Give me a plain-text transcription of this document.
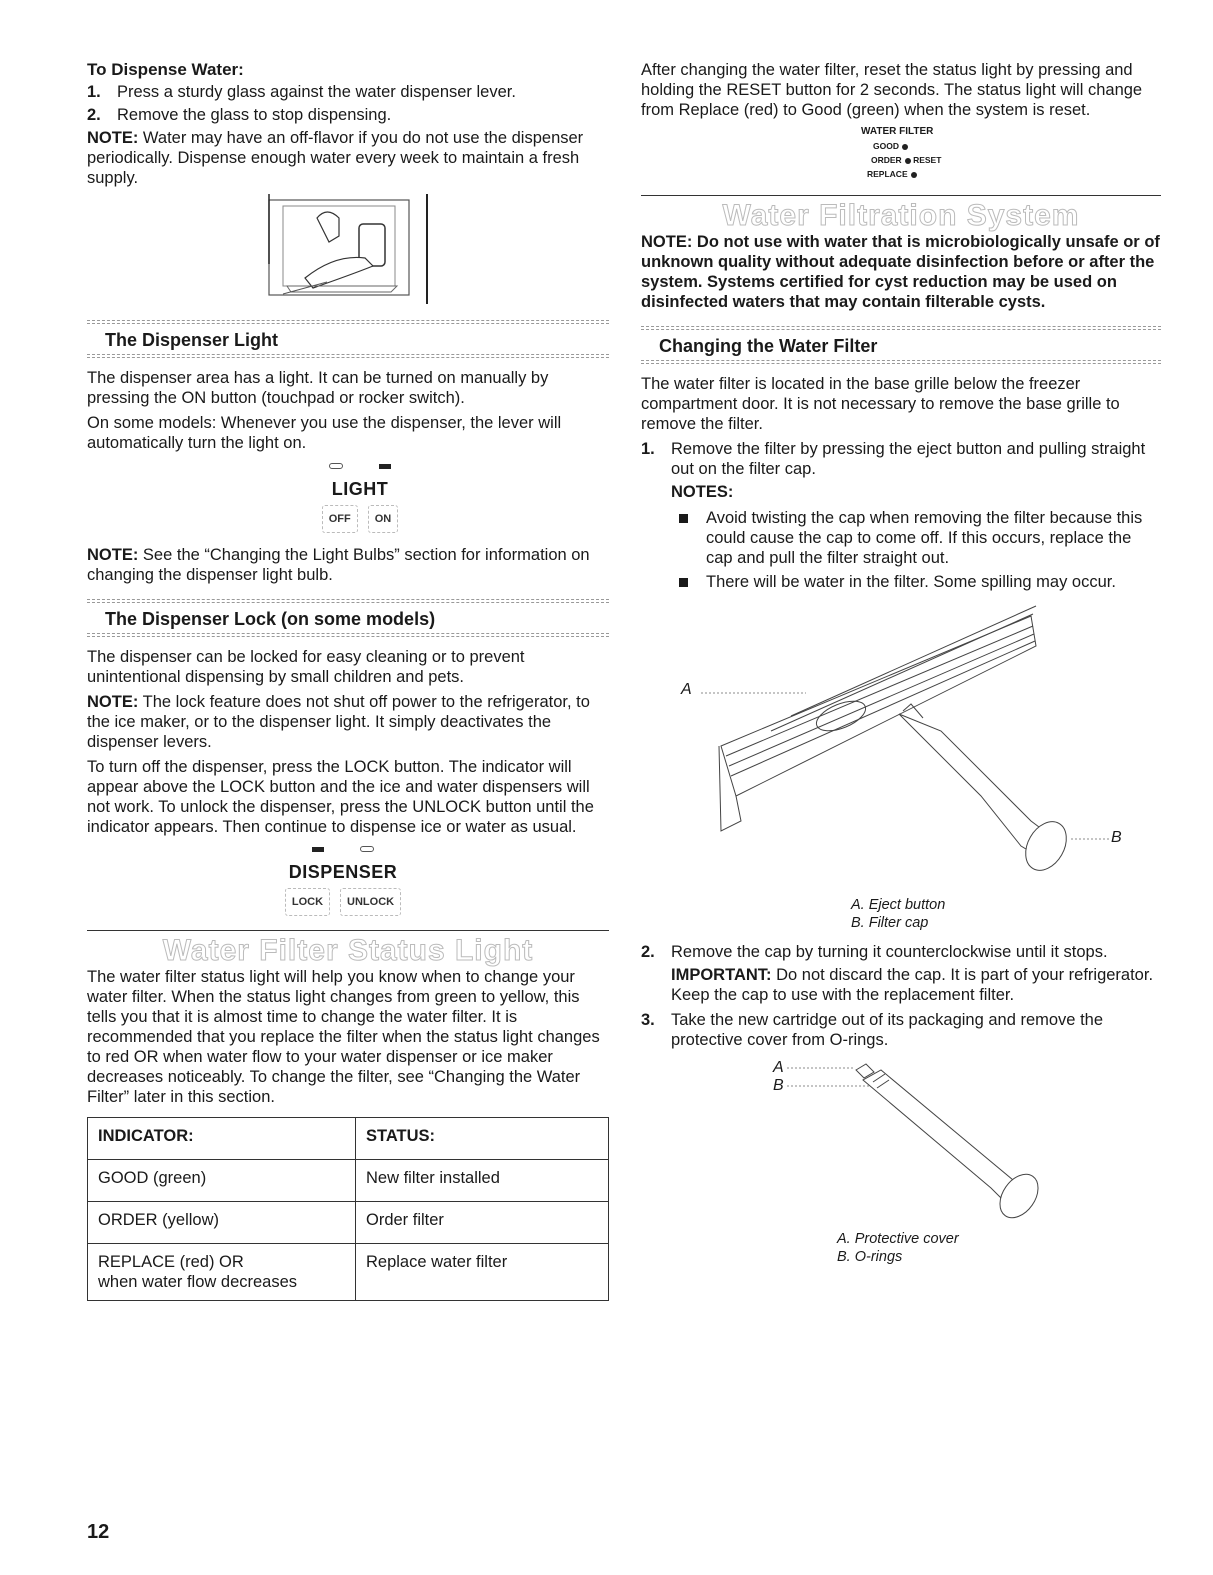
To Dispense Water:
1. Press a sturdy glass against the water dispenser lever.
2. Remove the glass to stop dispensing.

NOTE: Water may have an off-flavor if you do not use the dispenser periodically. Dispense enough water every week to maintain a fresh supply.

The Dispenser Light

The dispenser area has a light. It can be turned on manually by pressing the ON button (touchpad or rocker switch).

On some models: Whenever you use the dispenser, the lever will automatically turn the light on.

LIGHT
OFF	ON

NOTE: See the “Changing the Light Bulbs” section for information on changing the dispenser light bulb.

The Dispenser Lock (on some models)

The dispenser can be locked for easy cleaning or to prevent unintentional dispensing by small children and pets.

NOTE: The lock feature does not shut off power to the refrigerator, to the ice maker, or to the dispenser light. It simply deactivates the dispenser levers.

To turn off the dispenser, press the LOCK button. The indicator will appear above the LOCK button and the ice and water dispensers will not work. To unlock the dispenser, press the UNLOCK button until the indicator appears. Then continue to dispense ice or water as usual.

DISPENSER
LOCK	UNLOCK
Water Filter Status Light

The water filter status light will help you know when to change your water filter. When the status light changes from green to yellow, this tells you that it is almost time to change the water filter. It is recommended that you replace the filter when the status light changes to red OR when water flow to your water dispenser or ice maker decreases noticeably. To change the filter, see “Changing the Water Filter” later in this section.

INDICATOR:	STATUS:
GOOD (green)	New filter installed
ORDER (yellow)	Order filter
REPLACE (red) OR
when water flow decreases	Replace water filter
12

After changing the water filter, reset the status light by pressing and holding the RESET button for 2 seconds. The status light will change from Replace (red) to Good (green) when the system is reset.

WATER FILTER
GOOD
ORDER RESET
REPLACE
Water Filtration System

NOTE: Do not use with water that is microbiologically unsafe or of unknown quality without adequate disinfection before or after the system. Systems certified for cyst reduction may be used on disinfected waters that may contain filterable cysts.

Changing the Water Filter

The water filter is located in the base grille below the freezer compartment door. It is not necessary to remove the base grille to remove the filter.

1. Remove the filter by pressing the eject button and pulling straight out on the filter cap.
NOTES:
Avoid twisting the cap when removing the filter because this could cause the cap to come off. If this occurs, replace the cap and pull the filter straight out.
There will be water in the filter. Some spilling may occur.
A
B
A. Eject button
B. Filter cap
2. Remove the cap by turning it counterclockwise until it stops.

IMPORTANT: Do not discard the cap. It is part of your refrigerator. Keep the cap to use with the replacement filter.

3. Take the new cartridge out of its packaging and remove the protective cover from O-rings.
A
B
A. Protective cover
B. O-rings
